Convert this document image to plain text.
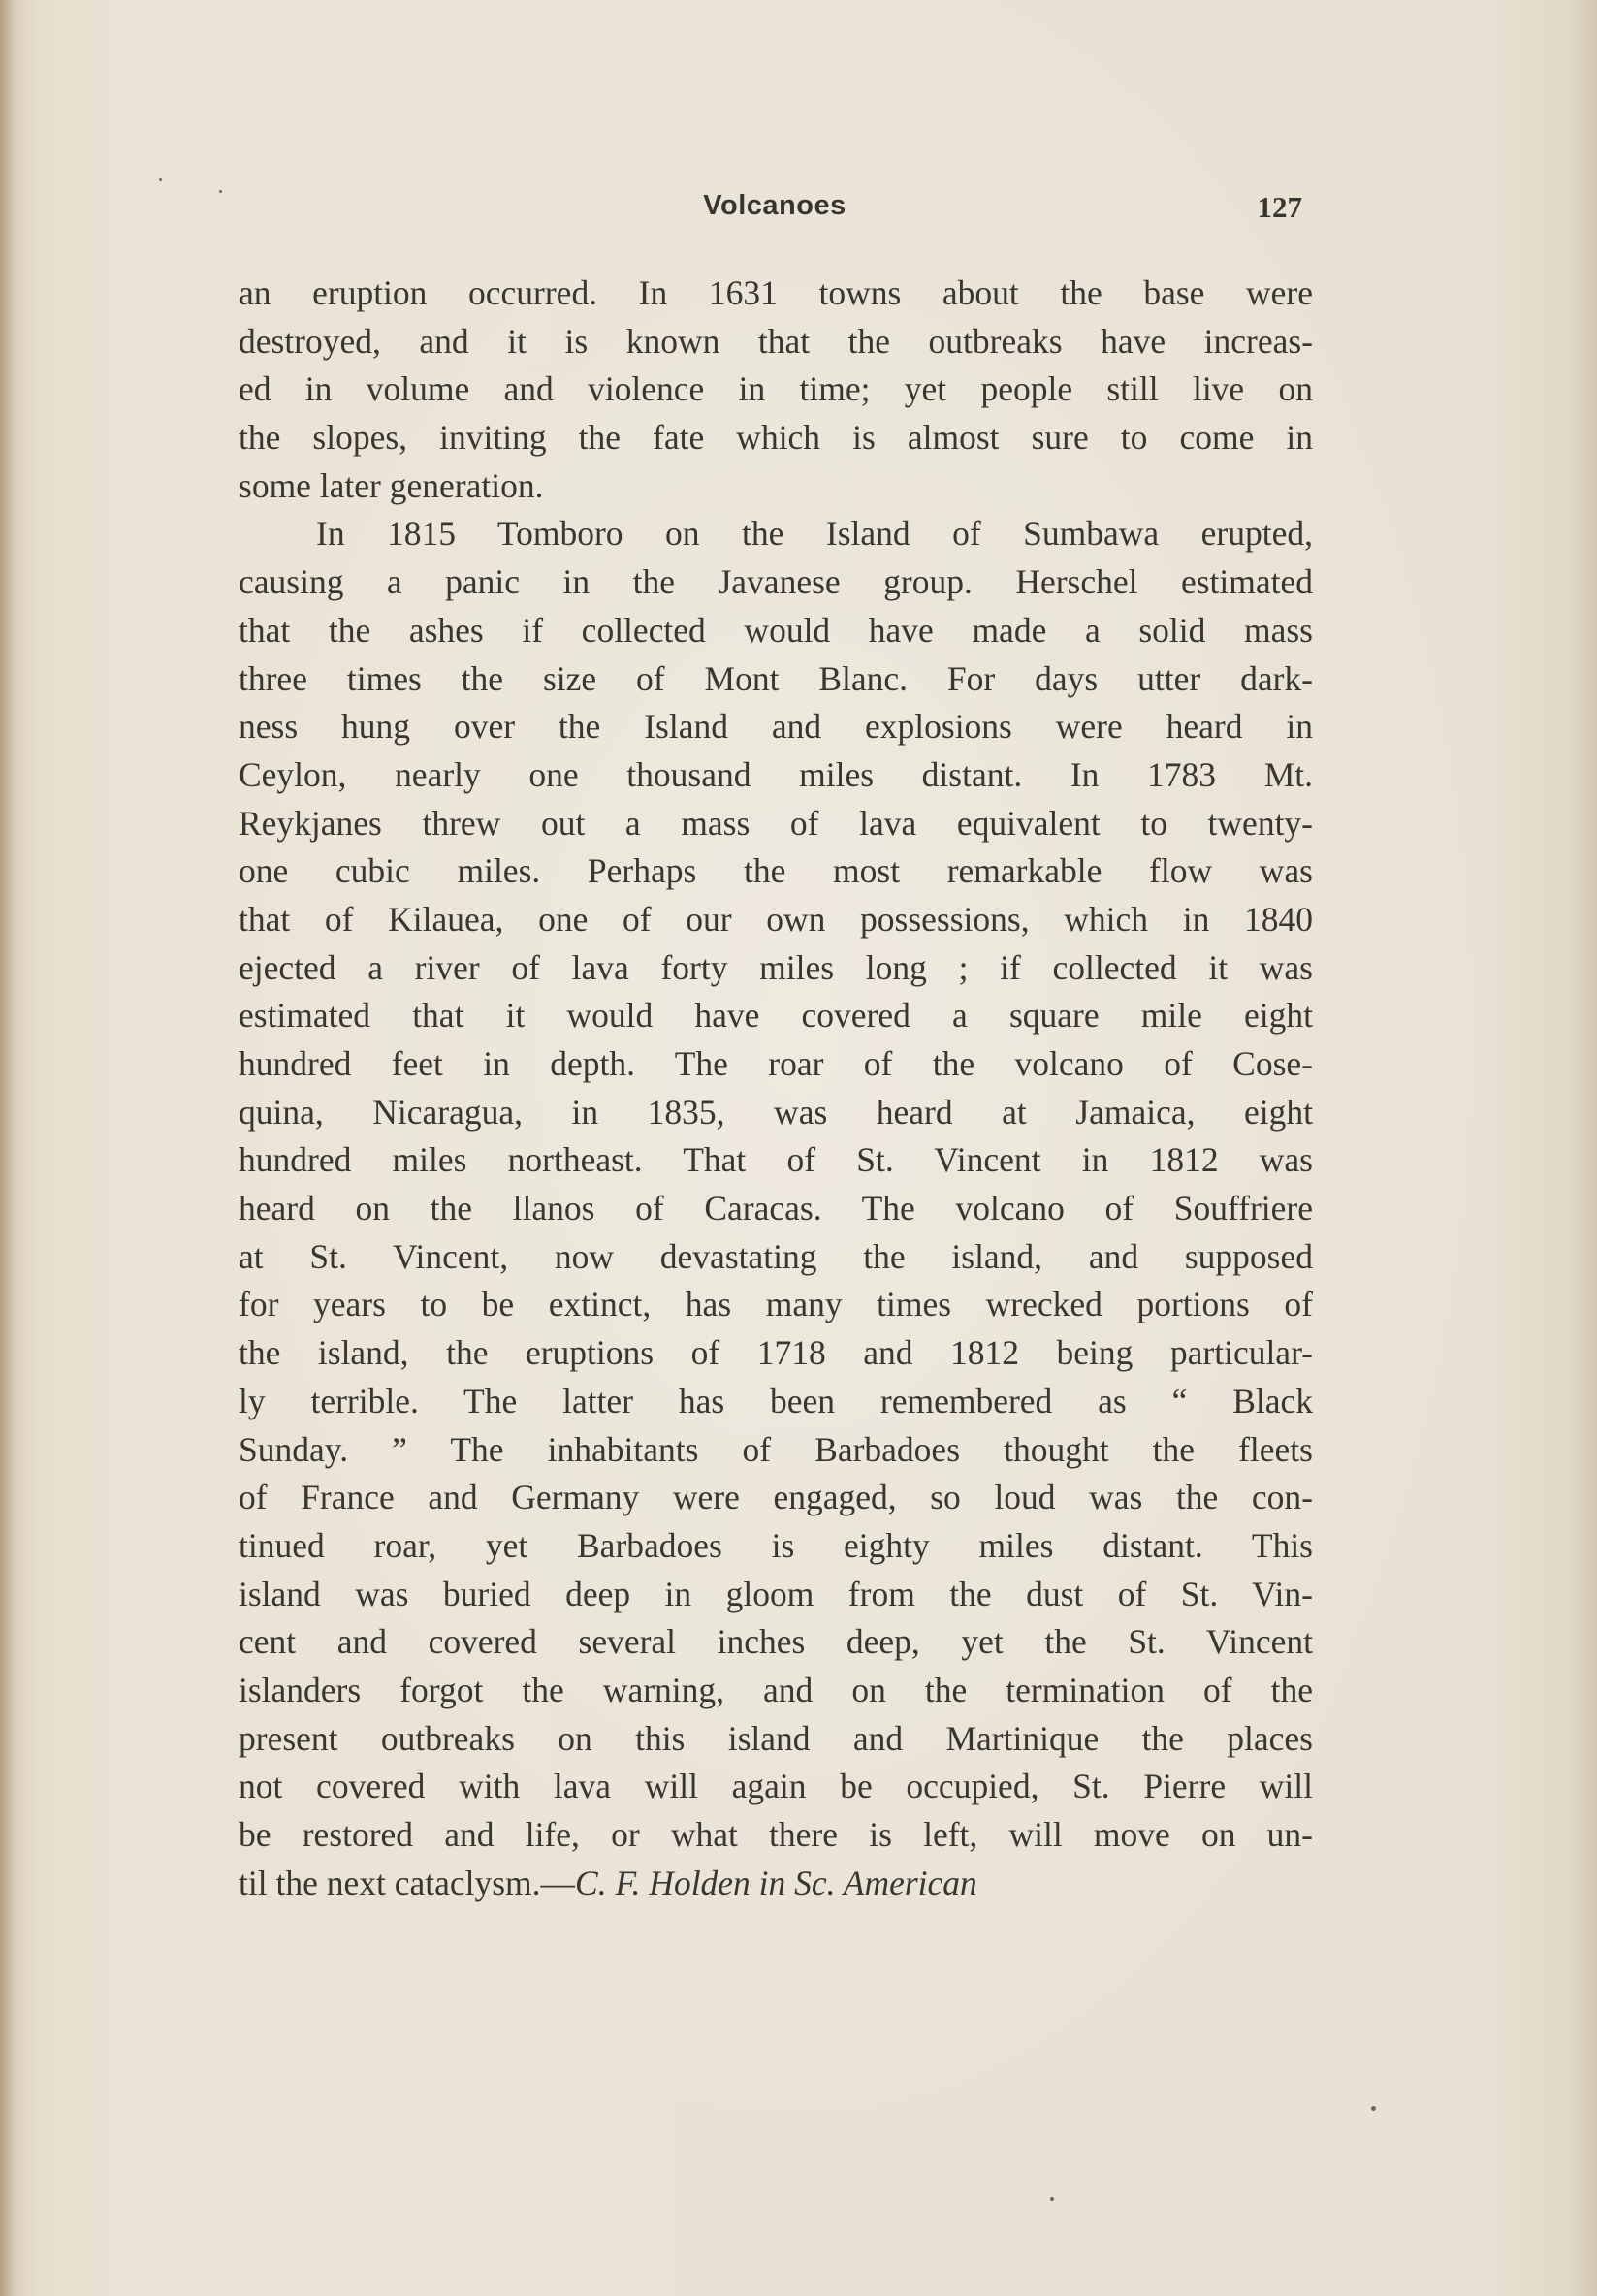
Volcanoes	127
an eruption occurred. In 1631 towns about the base were
destroyed, and it is known that the outbreaks have increas-
ed in volume and violence in time; yet people still live on
the slopes, inviting the fate which is almost sure to come in
some later generation.
In 1815 Tomboro on the Island of Sumbawa erupted,
causing a panic in the Javanese group. Herschel estimated
that the ashes if collected would have made a solid mass
three times the size of Mont Blanc. For days utter dark-
ness hung over the Island and explosions were heard in
Ceylon, nearly one thousand miles distant. In 1783 Mt.
Reykjanes threw out a mass of lava equivalent to twenty-
one cubic miles. Perhaps the most remarkable flow was
that of Kilauea, one of our own possessions, which in 1840
ejected a river of lava forty miles long ; if collected it was
estimated that it would have covered a square mile eight
hundred feet in depth. The roar of the volcano of Cose-
quina, Nicaragua, in 1835, was heard at Jamaica, eight
hundred miles northeast. That of St. Vincent in 1812 was
heard on the llanos of Caracas. The volcano of Souffriere
at St. Vincent, now devastating the island, and supposed
for years to be extinct, has many times wrecked portions of
the island, the eruptions of 1718 and 1812 being particular-
ly terrible. The latter has been remembered as “ Black
Sunday. ” The inhabitants of Barbadoes thought the fleets
of France and Germany were engaged, so loud was the con-
tinued roar, yet Barbadoes is eighty miles distant. This
island was buried deep in gloom from the dust of St. Vin-
cent and covered several inches deep, yet the St. Vincent
islanders forgot the warning, and on the termination of the
present outbreaks on this island and Martinique the places
not covered with lava will again be occupied, St. Pierre will
be restored and life, or what there is left, will move on un-
til the next cataclysm.—C. F. Holden in Sc. American
